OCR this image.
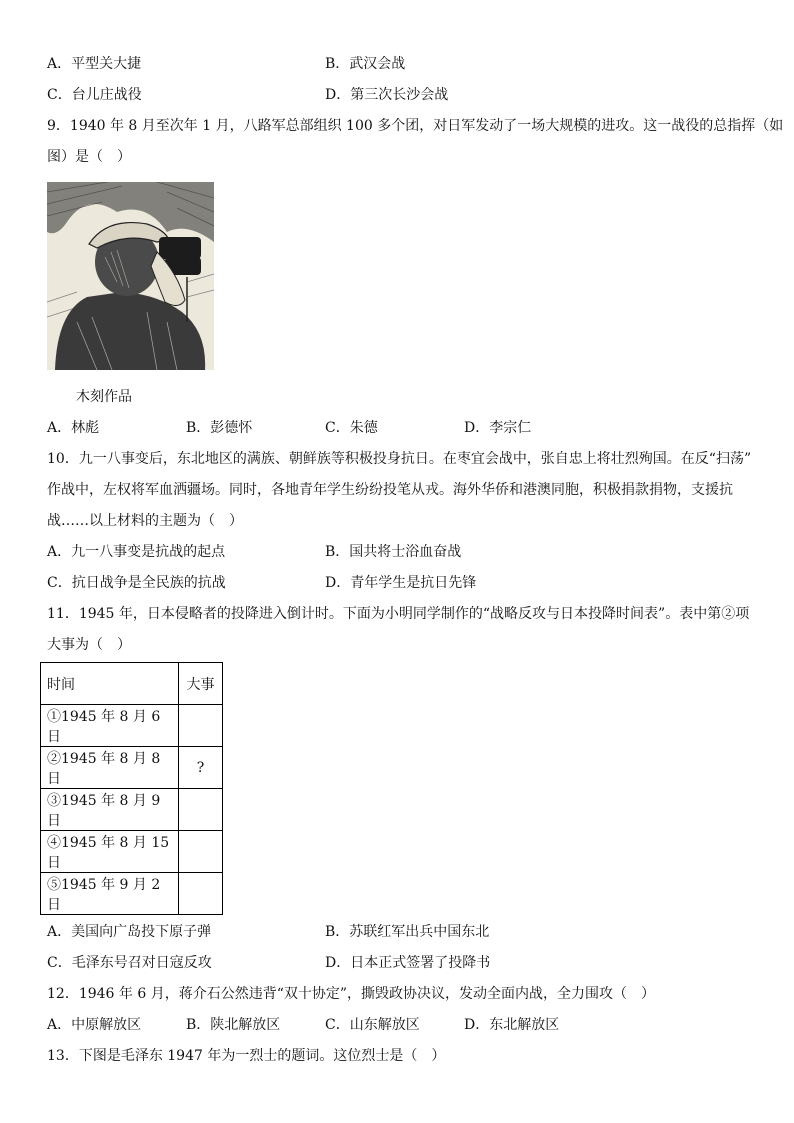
A．平型关大捷	B．武汉会战
C．台儿庄战役	D．第三次长沙会战
9．1940 年 8 月至次年 1 月，八路军总部组织 100 多个团，对日军发动了一场大规模的进攻。这一战役的总指挥（如
图）是（　）
木刻作品
A．林彪	B．彭德怀	C．朱德	D．李宗仁
10．九一八事变后，东北地区的满族、朝鲜族等积极投身抗日。在枣宜会战中，张自忠上将壮烈殉国。在反“扫荡”
作战中，左权将军血洒疆场。同时，各地青年学生纷纷投笔从戎。海外华侨和港澳同胞，积极捐款捐物，支援抗
战……以上材料的主题为（　）
A．九一八事变是抗战的起点	B．国共将士浴血奋战
C．抗日战争是全民族的抗战	D．青年学生是抗日先锋
11．1945 年，日本侵略者的投降进入倒计时。下面为小明同学制作的“战略反攻与日本投降时间表”。表中第②项
大事为（　）
时间	大事
①1945 年 8 月 6 日	
②1945 年 8 月 8 日	?
③1945 年 8 月 9 日	
④1945 年 8 月 15 日	
⑤1945 年 9 月 2 日	
A．美国向广岛投下原子弹	B．苏联红军出兵中国东北
C．毛泽东号召对日寇反攻	D．日本正式签署了投降书
12．1946 年 6 月，蒋介石公然违背“双十协定”，撕毁政协决议，发动全面内战，全力围攻（　）
A．中原解放区	B．陕北解放区	C．山东解放区	D．东北解放区
13．下图是毛泽东 1947 年为一烈士的题词。这位烈士是（　）
